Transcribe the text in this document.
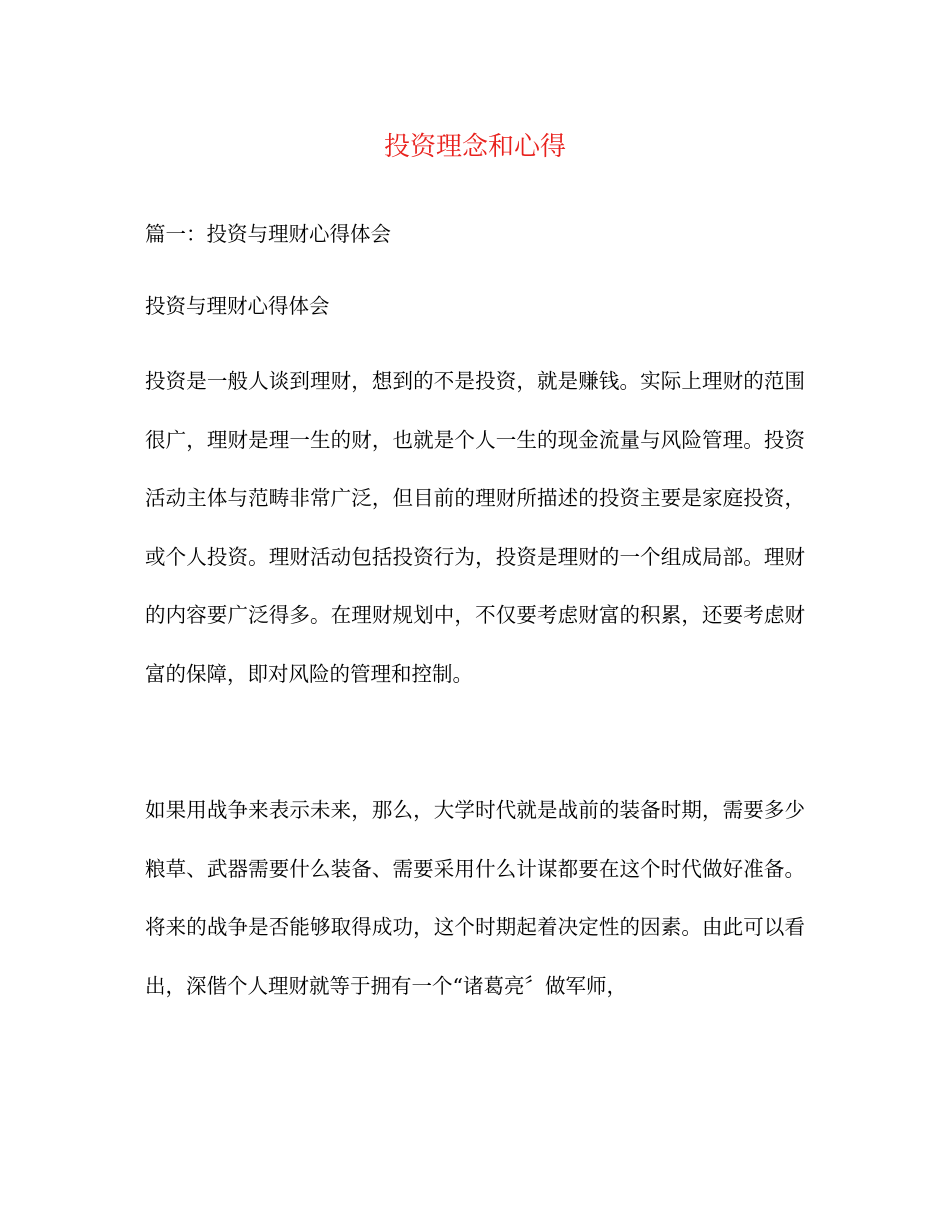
投资理念和心得
篇一：投资与理财心得体会
投资与理财心得体会

投资是一般人谈到理财，想到的不是投资，就是赚钱。实际上理财的范围很广，理财是理一生的财，也就是个人一生的现金流量与风险管理。投资活动主体与范畴非常广泛，但目前的理财所描述的投资主要是家庭投资，或个人投资。理财活动包括投资行为，投资是理财的一个组成局部。理财的内容要广泛得多。在理财规划中，不仅要考虑财富的积累，还要考虑财富的保障，即对风险的管理和控制。

如果用战争来表示未来，那么，大学时代就是战前的装备时期，需要多少粮草、武器需要什么装备、需要采用什么计谋都要在这个时代做好准备。将来的战争是否能够取得成功，这个时期起着决定性的因素。由此可以看出，深偕个人理财就等于拥有一个“诸葛亮〞做军师，
